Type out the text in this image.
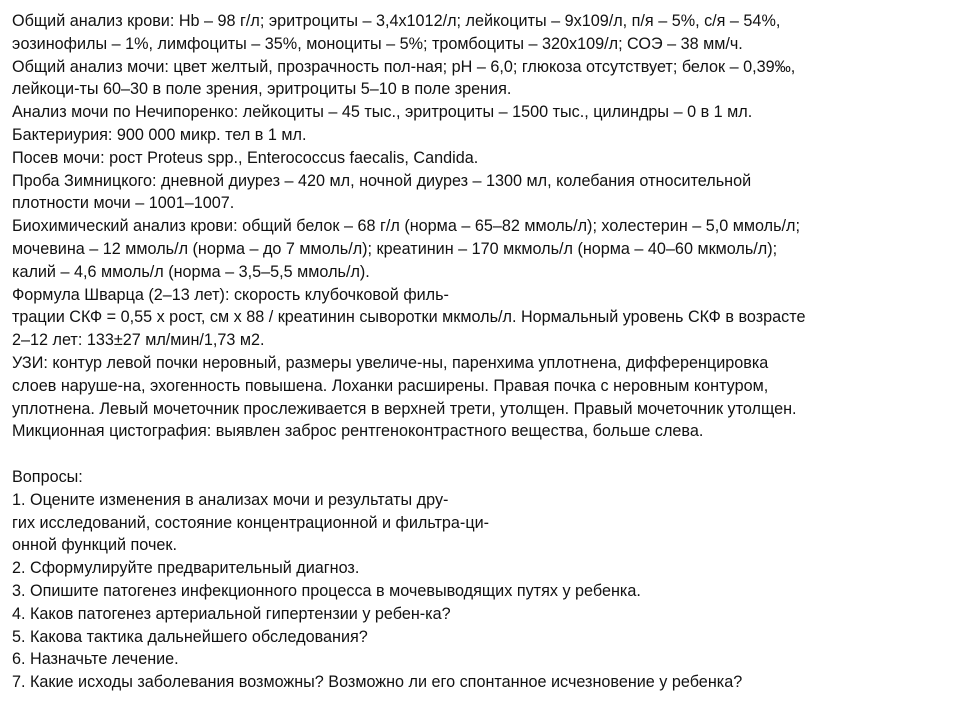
Общий анализ крови: Hb – 98 г/л; эритроциты – 3,4х1012/л; лейкоциты – 9х109/л, п/я – 5%, с/я – 54%,
эозинофилы – 1%, лимфоциты – 35%, моноциты – 5%; тромбоциты – 320х109/л; СОЭ – 38 мм/ч.
Общий анализ мочи: цвет желтый, прозрачность пол-ная; рН – 6,0; глюкоза отсутствует; белок – 0,39‰,
лейкоци-ты 60–30 в поле зрения, эритроциты 5–10 в поле зрения.
Анализ мочи по Нечипоренко: лейкоциты – 45 тыс., эритроциты – 1500 тыс., цилиндры – 0 в 1 мл.
Бактериурия: 900 000 микр. тел в 1 мл.
Посев мочи: рост Proteus spp., Enterococcus faecalis, Candida.
Проба Зимницкого: дневной диурез – 420 мл, ночной диурез – 1300 мл, колебания относительной
плотности мочи – 1001–1007.
Биохимический анализ крови: общий белок – 68 г/л (норма – 65–82 ммоль/л); холестерин – 5,0 ммоль/л;
мочевина – 12 ммоль/л (норма – до 7 ммоль/л); креатинин – 170 мкмоль/л (норма – 40–60 мкмоль/л);
калий – 4,6 ммоль/л (норма – 3,5–5,5 ммоль/л).
Формула Шварца (2–13 лет): скорость клубочковой филь-
трации СКФ = 0,55 х рост, см х 88 / креатинин сыворотки мкмоль/л. Нормальный уровень СКФ в возрасте
2–12 лет: 133±27 мл/мин/1,73 м2.
УЗИ: контур левой почки неровный, размеры увеличе-ны, паренхима уплотнена, дифференцировка
слоев наруше-на, эхогенность повышена. Лоханки расширены. Правая почка с неровным контуром,
уплотнена. Левый мочеточник прослеживается в верхней трети, утолщен. Правый мочеточник утолщен.
Микционная цистография: выявлен заброс рентгеноконтрастного вещества, больше слева.
Вопросы:
1. Оцените изменения в анализах мочи и результаты дру-
гих исследований, состояние концентрационной и фильтра-ци-
онной функций почек.
2. Сформулируйте предварительный диагноз.
3. Опишите патогенез инфекционного процесса в мочевыводящих путях у ребенка.
4. Каков патогенез артериальной гипертензии у ребен-ка?
5. Какова тактика дальнейшего обследования?
6. Назначьте лечение.
7. Какие исходы заболевания возможны? Возможно ли его спонтанное исчезновение у ребенка?
